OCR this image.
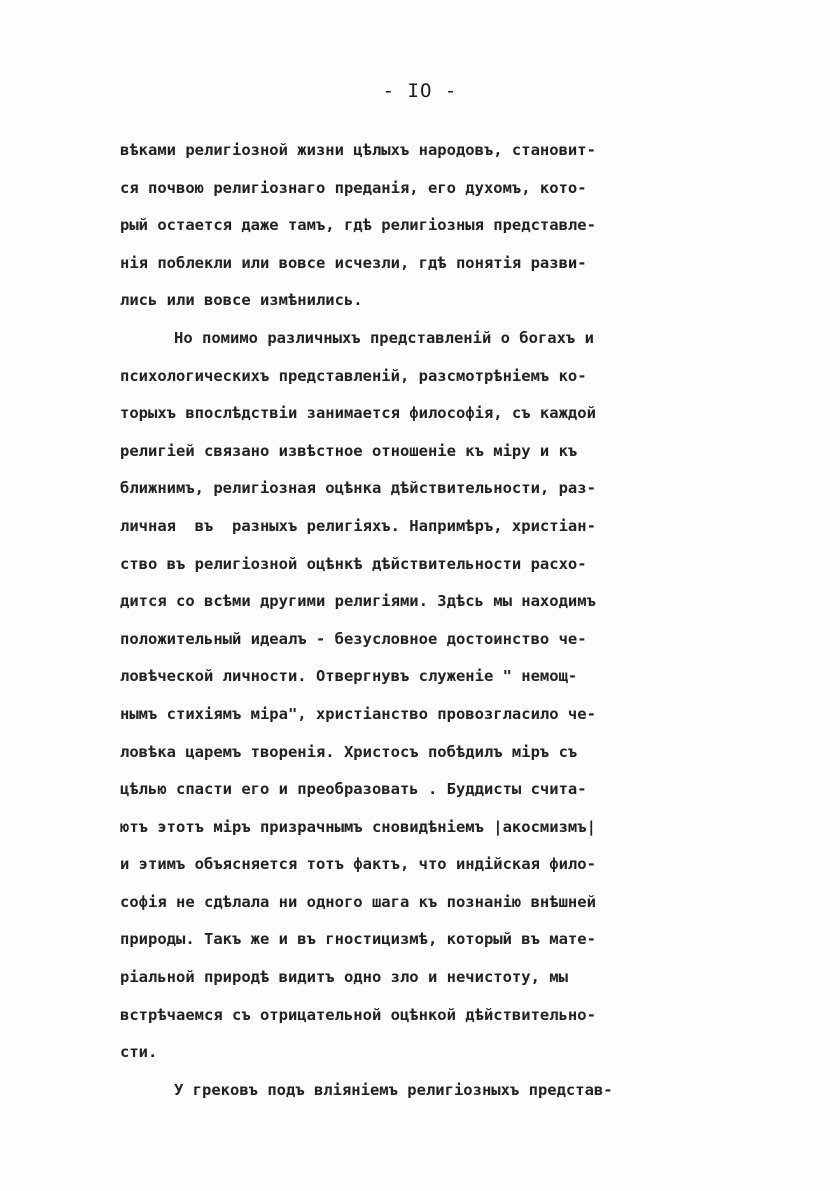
- IO -
вѣками религіозной жизни цѣлыхъ народовъ, становит-
ся почвою религіознаго преданія, его духомъ, кото-
рый остается даже тамъ, гдѣ религіозныя представле-
нія поблекли или вовсе исчезли, гдѣ понятія разви-
лись или вовсе измѣнились.
Но помимо различныхъ представленій о богахъ и
психологическихъ представленій, разсмотрѣніемъ ко-
торыхъ впослѣдствіи занимается философія, съ каждой
религіей связано извѣстное отношеніе къ міру и къ
ближнимъ, религіозная оцѣнка дѣйствительности, раз-
личная  въ  разныхъ религіяхъ. Напримѣръ, христіан-
ство въ религіозной оцѣнкѣ дѣйствительности расхо-
дится со всѣми другими религіями. Здѣсь мы находимъ
положительный идеалъ - безусловное достоинство че-
ловѣческой личности. Отвергнувъ служеніе " немощ-
нымъ стихіямъ міра", христіанство провозгласило че-
ловѣка царемъ творенія. Христосъ побѣдилъ міръ съ
цѣлью спасти его и преобразовать . Буддисты счита-
ютъ этотъ міръ призрачнымъ сновидѣніемъ |акосмизмъ|
и этимъ объясняется тотъ фактъ, что индійская фило-
софія не сдѣлала ни одного шага къ познанію внѣшней
природы. Такъ же и въ гностицизмѣ, который въ мате-
ріальной природѣ видитъ одно зло и нечистоту, мы
встрѣчаемся съ отрицательной оцѣнкой дѣйствительно-
сти.
У грековъ подъ вліяніемъ религіозныхъ представ-
